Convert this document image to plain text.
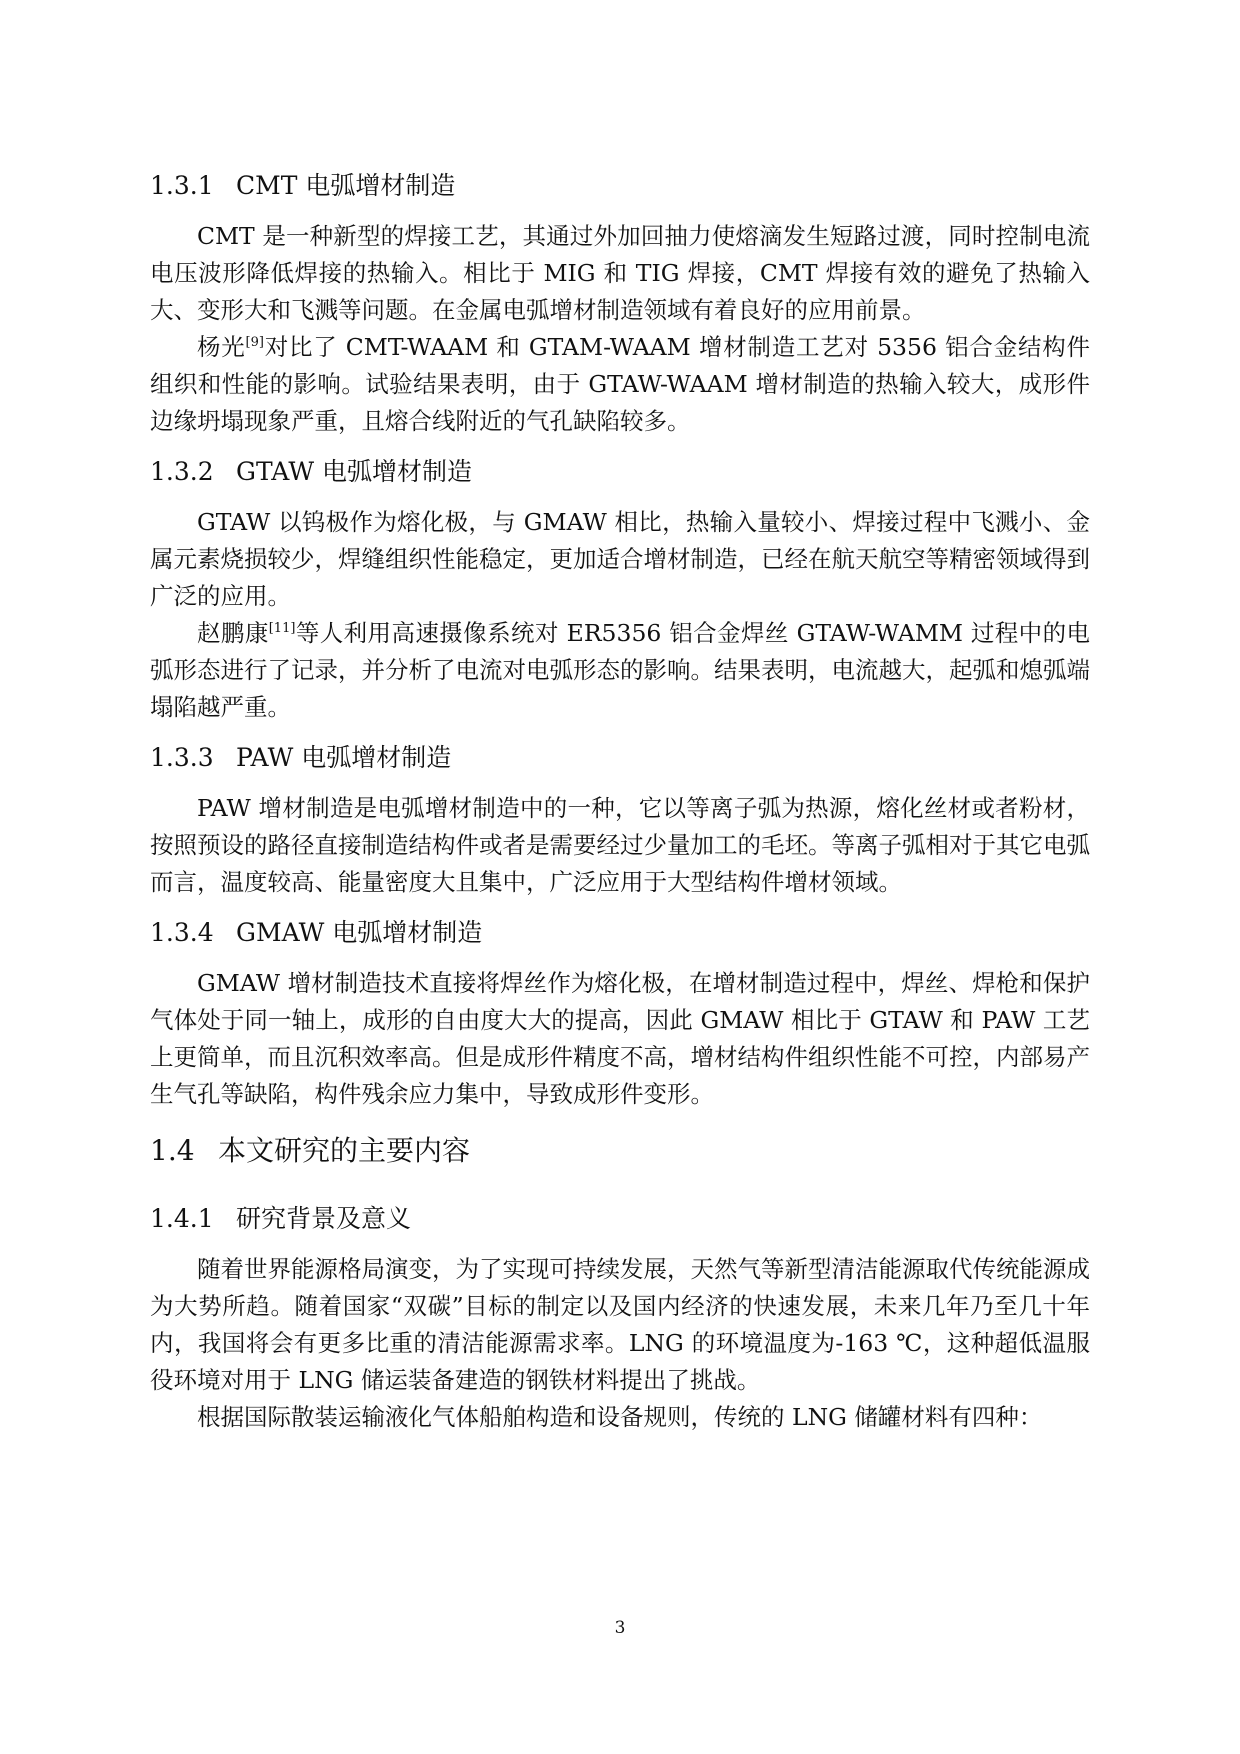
1.3.1 CMT 电弧增材制造

CMT 是一种新型的焊接工艺，其通过外加回抽力使熔滴发生短路过渡，同时控制电流电压波形降低焊接的热输入。相比于 MIG 和 TIG 焊接，CMT 焊接有效的避免了热输入大、变形大和飞溅等问题。在金属电弧增材制造领域有着良好的应用前景。

杨光[9]对比了 CMT-WAAM 和 GTAM-WAAM 增材制造工艺对 5356 铝合金结构件组织和性能的影响。试验结果表明，由于 GTAW-WAAM 增材制造的热输入较大，成形件边缘坍塌现象严重，且熔合线附近的气孔缺陷较多。

1.3.2 GTAW 电弧增材制造

GTAW 以钨极作为熔化极，与 GMAW 相比，热输入量较小、焊接过程中飞溅小、金属元素烧损较少，焊缝组织性能稳定，更加适合增材制造，已经在航天航空等精密领域得到广泛的应用。

赵鹏康[11]等人利用高速摄像系统对 ER5356 铝合金焊丝 GTAW-WAMM 过程中的电弧形态进行了记录，并分析了电流对电弧形态的影响。结果表明，电流越大，起弧和熄弧端塌陷越严重。

1.3.3 PAW 电弧增材制造

PAW 增材制造是电弧增材制造中的一种，它以等离子弧为热源，熔化丝材或者粉材，按照预设的路径直接制造结构件或者是需要经过少量加工的毛坯。等离子弧相对于其它电弧而言，温度较高、能量密度大且集中，广泛应用于大型结构件增材领域。

1.3.4 GMAW 电弧增材制造

GMAW 增材制造技术直接将焊丝作为熔化极，在增材制造过程中，焊丝、焊枪和保护气体处于同一轴上，成形的自由度大大的提高，因此 GMAW 相比于 GTAW 和 PAW 工艺上更简单，而且沉积效率高。但是成形件精度不高，增材结构件组织性能不可控，内部易产生气孔等缺陷，构件残余应力集中，导致成形件变形。

1.4 本文研究的主要内容
1.4.1 研究背景及意义

随着世界能源格局演变，为了实现可持续发展，天然气等新型清洁能源取代传统能源成为大势所趋。随着国家“双碳”目标的制定以及国内经济的快速发展，未来几年乃至几十年内，我国将会有更多比重的清洁能源需求率。LNG 的环境温度为-163 ℃，这种超低温服役环境对用于 LNG 储运装备建造的钢铁材料提出了挑战。

根据国际散装运输液化气体船舶构造和设备规则，传统的 LNG 储罐材料有四种：

3
